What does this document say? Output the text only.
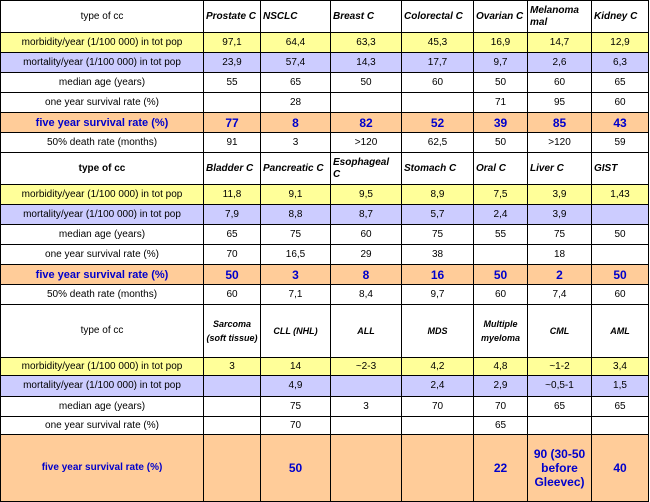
type of cc	Prostate C	NSCLC	Breast C	Colorectal C	Ovarian C	Melanoma mal	Kidney C
morbidity/year (1/100 000) in tot pop	97,1	64,4	63,3	45,3	16,9	14,7	12,9
mortality/year (1/100 000) in tot pop	23,9	57,4	14,3	17,7	9,7	2,6	6,3
median age (years)	55	65	50	60	50	60	65
one year survival rate (%)		28			71	95	60
five year survival rate (%)	77	8	82	52	39	85	43
50% death rate (months)	91	3	>120	62,5	50	>120	59
type of cc	Bladder C	Pancreatic C	Esophageal C	Stomach C	Oral C	Liver C	GIST
morbidity/year (1/100 000) in tot pop	11,8	9,1	9,5	8,9	7,5	3,9	1,43
mortality/year (1/100 000) in tot pop	7,9	8,8	8,7	5,7	2,4	3,9	
median age (years)	65	75	60	75	55	75	50
one year survival rate (%)	70	16,5	29	38		18	
five year survival rate (%)	50	3	8	16	50	2	50
50% death rate (months)	60	7,1	8,4	9,7	60	7,4	60
type of cc	Sarcoma (soft tissue)	CLL (NHL)	ALL	MDS	Multiple myeloma	CML	AML
morbidity/year (1/100 000) in tot pop	3	14	~2-3	4,2	4,8	~1-2	3,4
mortality/year (1/100 000) in tot pop		4,9		2,4	2,9	~0,5-1	1,5
median age (years)		75	3	70	70	65	65
one year survival rate (%)		70			65		
five year survival rate (%)		50			22	90 (30-50 before Gleevec)	40
